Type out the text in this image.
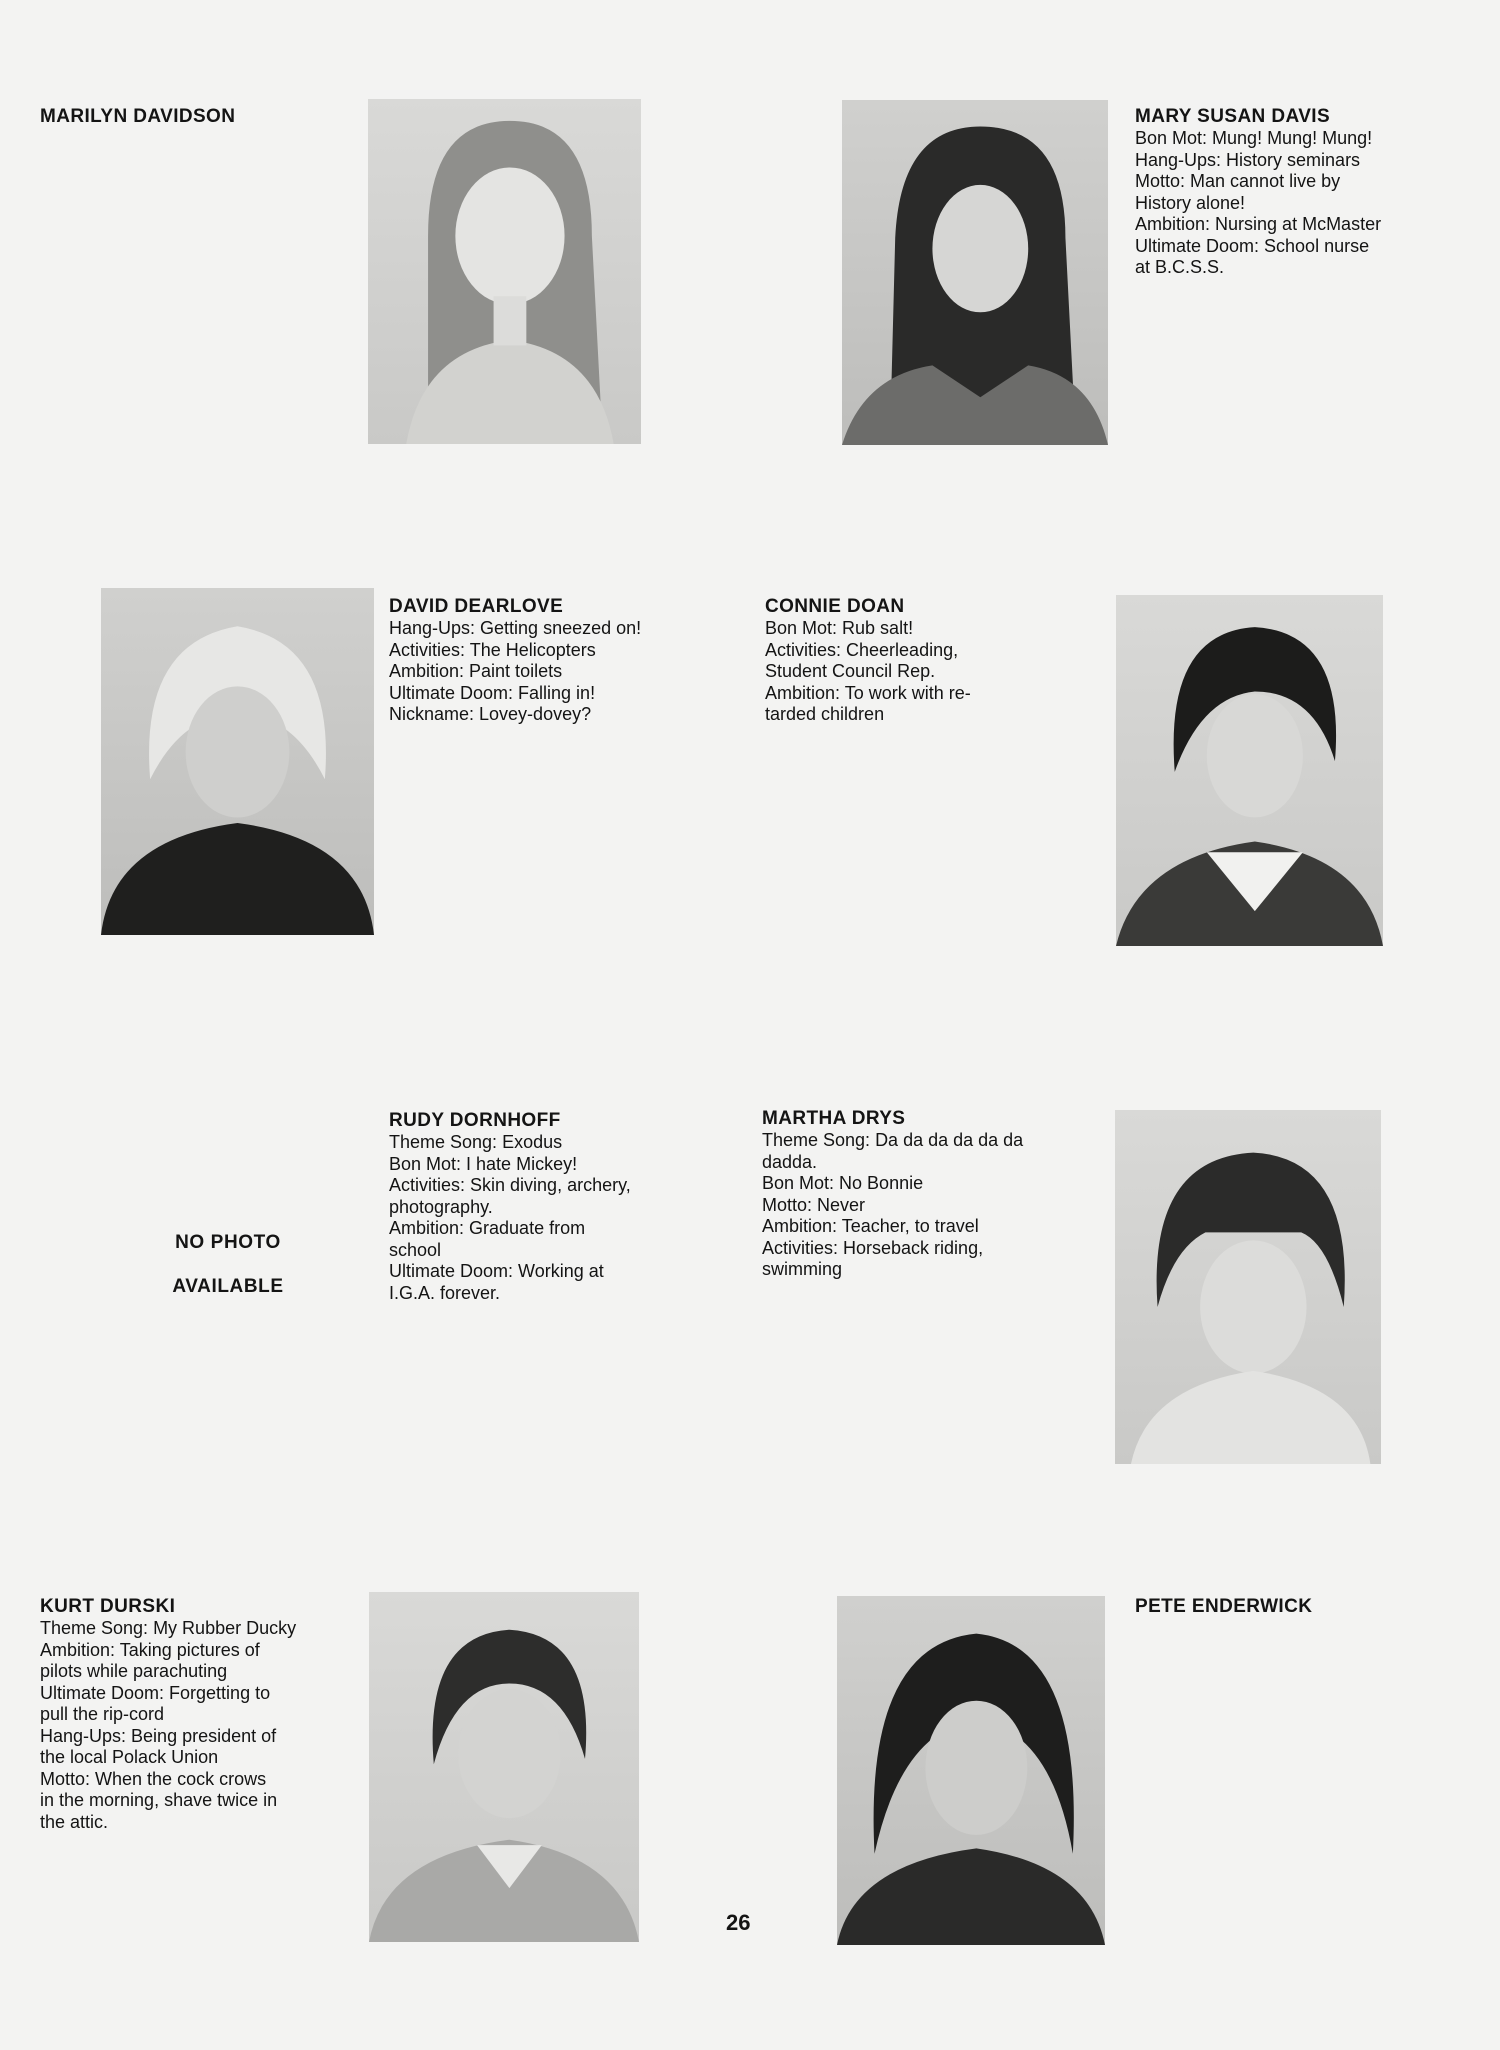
MARILYN DAVIDSON	MARY SUSAN DAVIS
Bon Mot: Mung! Mung! Mung!
Hang-Ups: History seminars
Motto: Man cannot live by
History alone!
Ambition: Nursing at McMaster
Ultimate Doom: School nurse
at B.C.S.S.
DAVID DEARLOVE
Hang-Ups: Getting sneezed on!
Activities: The Helicopters
Ambition: Paint toilets
Ultimate Doom: Falling in!
Nickname: Lovey-dovey?
CONNIE DOAN
Bon Mot: Rub salt!
Activities: Cheerleading,
Student Council Rep.
Ambition: To work with re-
tarded children
NO PHOTO
AVAILABLE
RUDY DORNHOFF
Theme Song: Exodus
Bon Mot: I hate Mickey!
Activities: Skin diving, archery,
photography.
Ambition: Graduate from
school
Ultimate Doom: Working at
I.G.A. forever.
MARTHA DRYS
Theme Song: Da da da da da da
dadda.
Bon Mot: No Bonnie
Motto: Never
Ambition: Teacher, to travel
Activities: Horseback riding,
swimming
KURT DURSKI
Theme Song: My Rubber Ducky
Ambition: Taking pictures of
pilots while parachuting
Ultimate Doom: Forgetting to
pull the rip-cord
Hang-Ups: Being president of
the local Polack Union
Motto: When the cock crows
in the morning, shave twice in
the attic.
PETE ENDERWICK
26
